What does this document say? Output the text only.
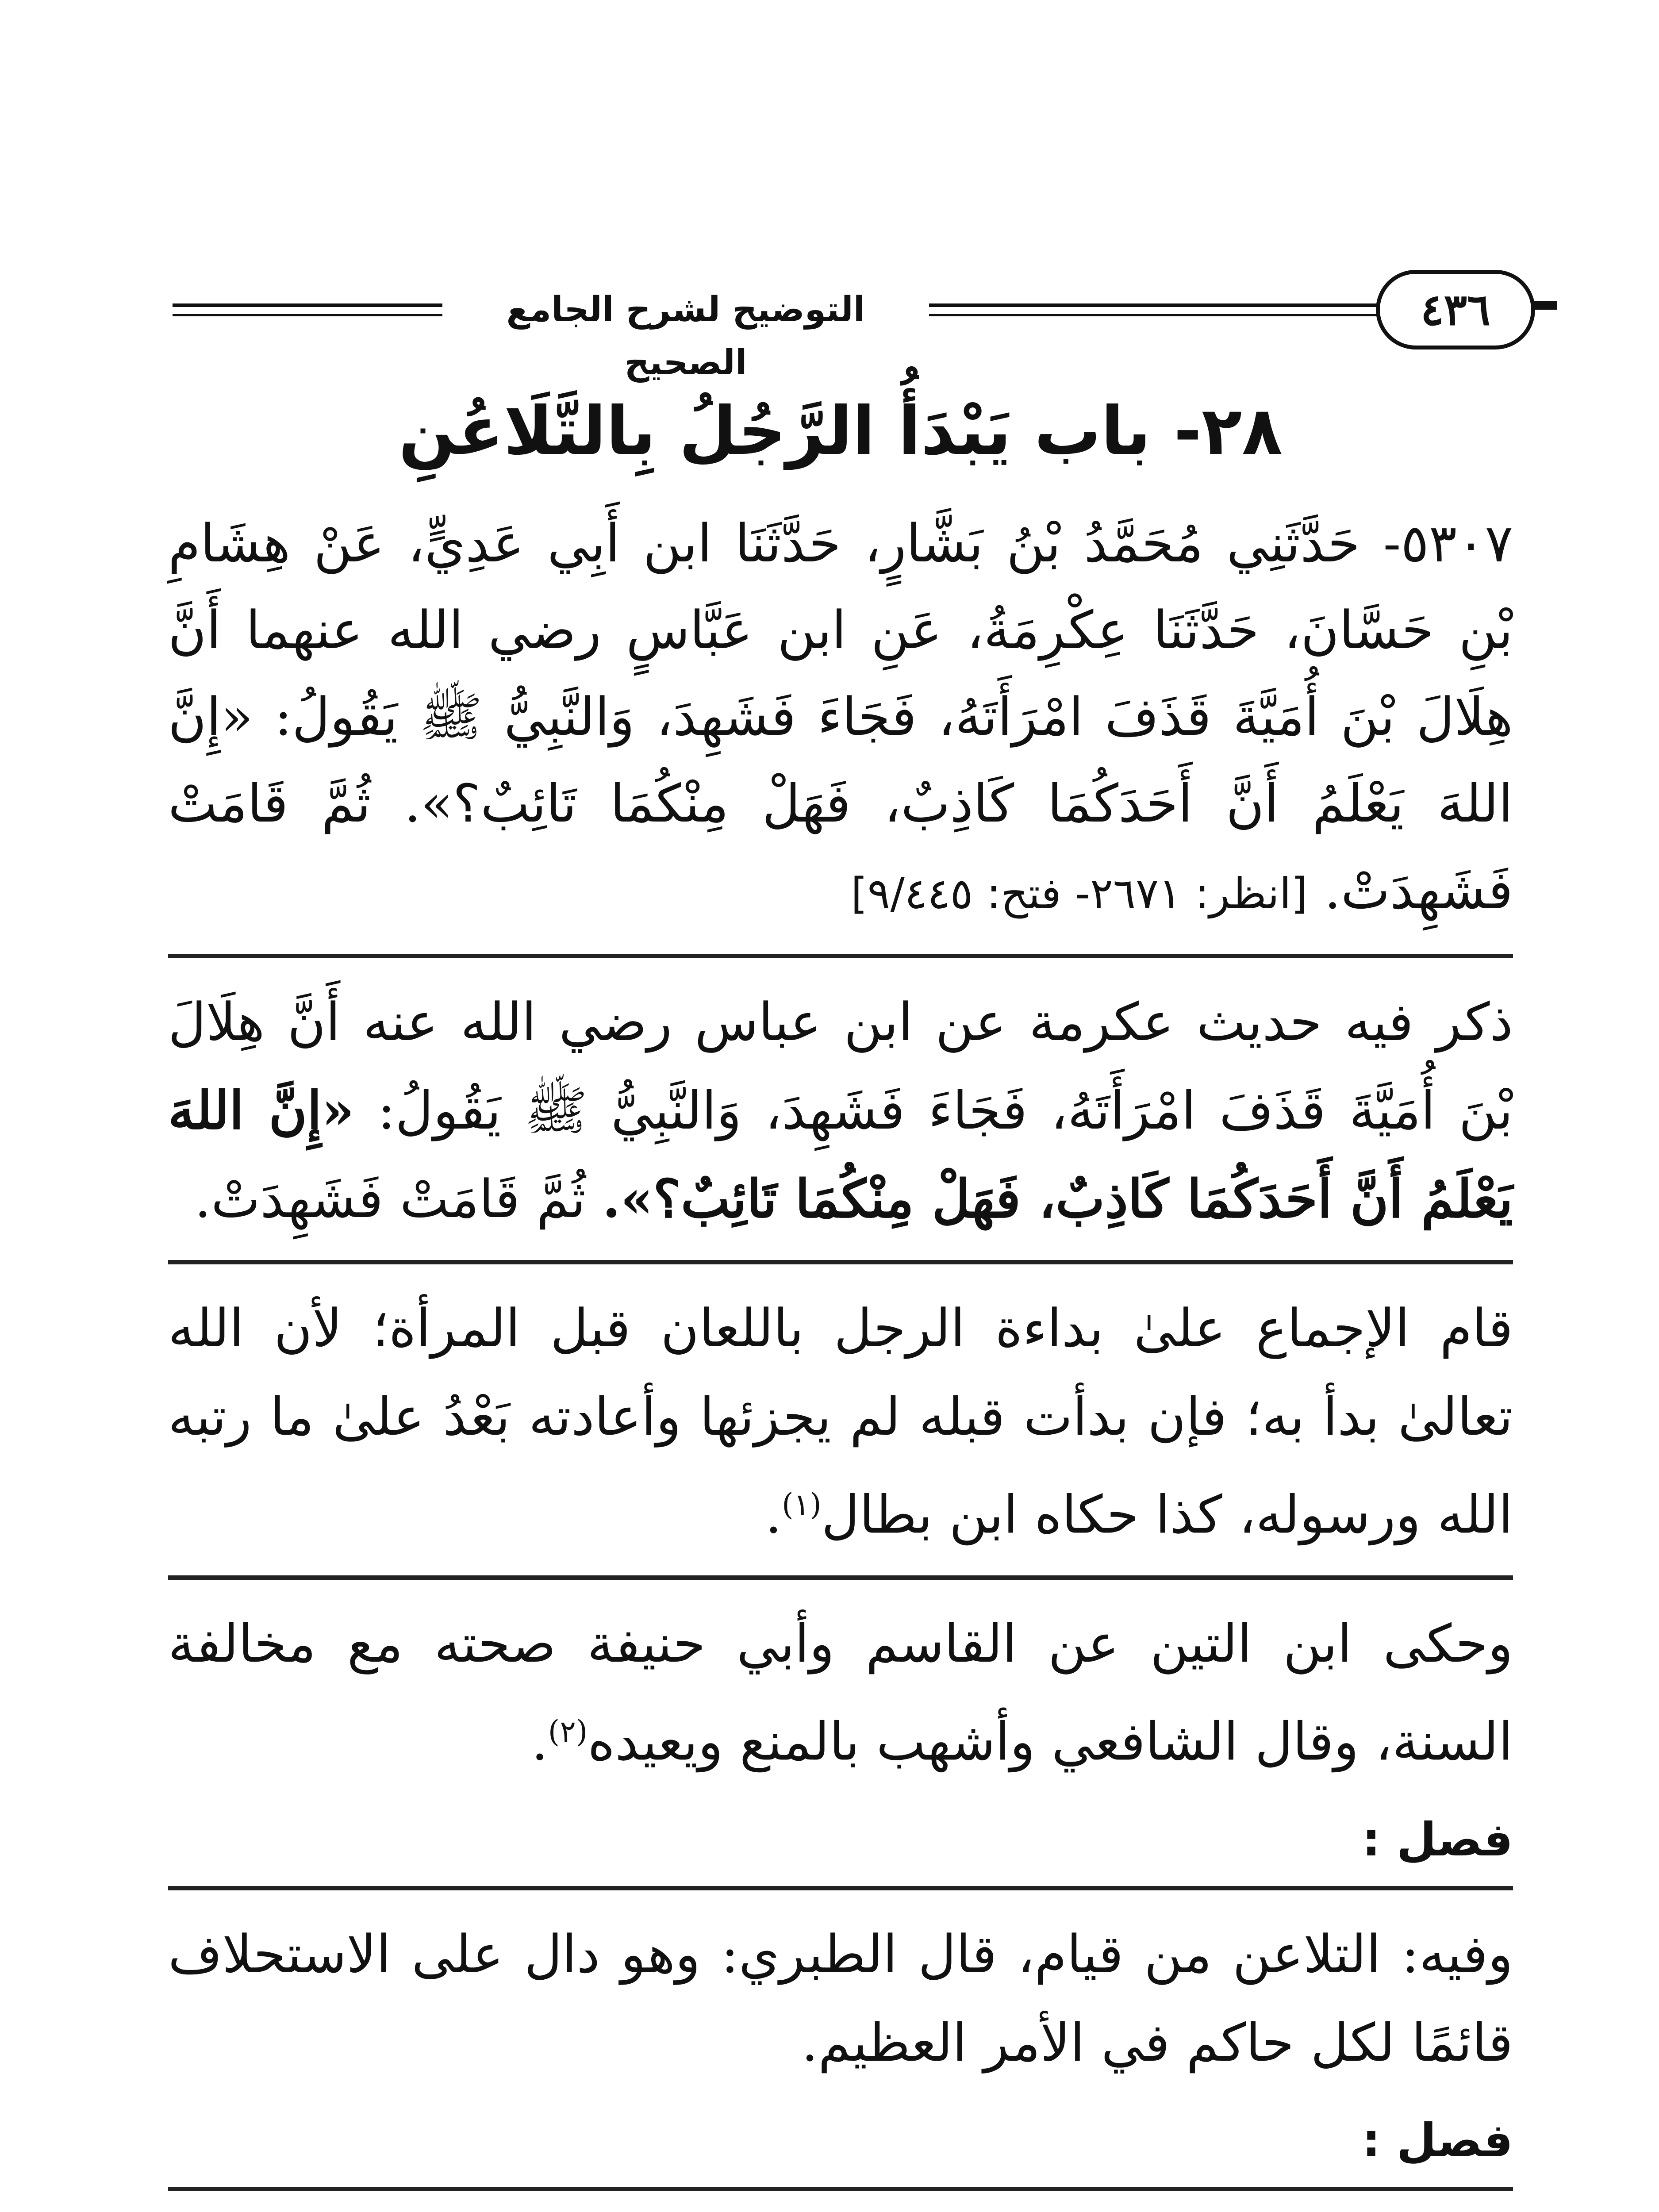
التوضيح لشرح الجامع الصحيح
٤٣٦
٢٨- باب يَبْدَأُ الرَّجُلُ بِالتَّلَاعُنِ

٥٣٠٧- حَدَّثَنِي مُحَمَّدُ بْنُ بَشَّارٍ، حَدَّثَنَا ابن أَبِي عَدِيٍّ، عَنْ هِشَامِ بْنِ حَسَّانَ، حَدَّثَنَا عِكْرِمَةُ، عَنِ ابن عَبَّاسٍ رضي الله عنهما أَنَّ هِلَالَ بْنَ أُمَيَّةَ قَذَفَ امْرَأَتَهُ، فَجَاءَ فَشَهِدَ، وَالنَّبِيُّ ﷺ يَقُولُ: «إِنَّ اللهَ يَعْلَمُ أَنَّ أَحَدَكُمَا كَاذِبٌ، فَهَلْ مِنْكُمَا تَائِبٌ؟». ثُمَّ قَامَتْ فَشَهِدَتْ. [انظر: ٢٦٧١- فتح: ٩/٤٤٥]

ذكر فيه حديث عكرمة عن ابن عباس رضي الله عنه أَنَّ هِلَالَ بْنَ أُمَيَّةَ قَذَفَ امْرَأَتَهُ، فَجَاءَ فَشَهِدَ، وَالنَّبِيُّ ﷺ يَقُولُ: «إِنَّ اللهَ يَعْلَمُ أَنَّ أَحَدَكُمَا كَاذِبٌ، فَهَلْ مِنْكُمَا تَائِبٌ؟». ثُمَّ قَامَتْ فَشَهِدَتْ.

قام الإجماع علىٰ بداءة الرجل باللعان قبل المرأة؛ لأن الله تعالىٰ بدأ به؛ فإن بدأت قبله لم يجزئها وأعادته بَعْدُ علىٰ ما رتبه الله ورسوله، كذا حكاه ابن بطال$^{(١)}$.

وحكى ابن التين عن القاسم وأبي حنيفة صحته مع مخالفة السنة، وقال الشافعي وأشهب بالمنع ويعيده$^{(٢)}$.

فصل :

وفيه: التلاعن من قيام، قال الطبري: وهو دال على الاستحلاف قائمًا لكل حاكم في الأمر العظيم.

فصل :
